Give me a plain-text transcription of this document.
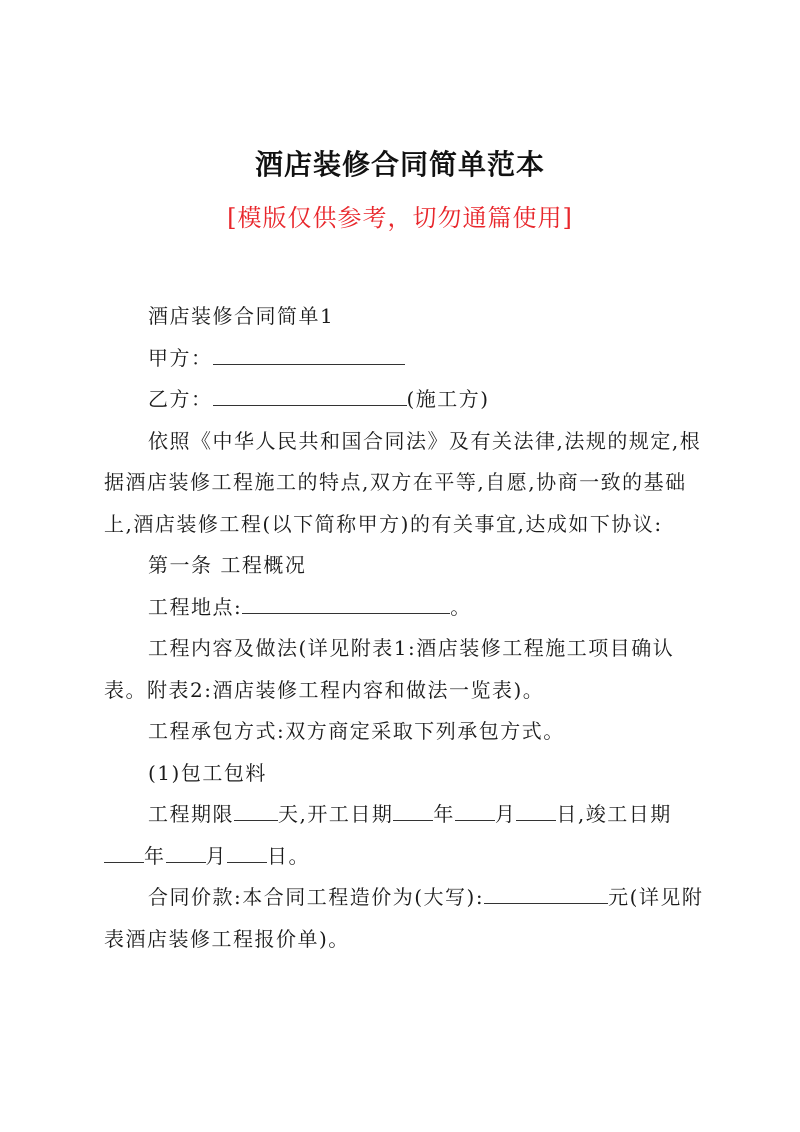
酒店装修合同简单范本
[模版仅供参考，切勿通篇使用]

酒店装修合同简单1

甲方：

乙方：	(施工方)

依照《中华人民共和国合同法》及有关法律,法规的规定,根据酒店装修工程施工的特点,双方在平等,自愿,协商一致的基础上,酒店装修工程(以下简称甲方)的有关事宜,达成如下协议:

第一条 工程概况

工程地点:	。

工程内容及做法(详见附表1:酒店装修工程施工项目确认表。附表2:酒店装修工程内容和做法一览表)。

工程承包方式:双方商定采取下列承包方式。

(1)包工包料

工程期限 天,开工日期 年 月 日,竣工日期年 月 日。

合同价款:本合同工程造价为(大写):	元(详见附表酒店装修工程报价单)。
